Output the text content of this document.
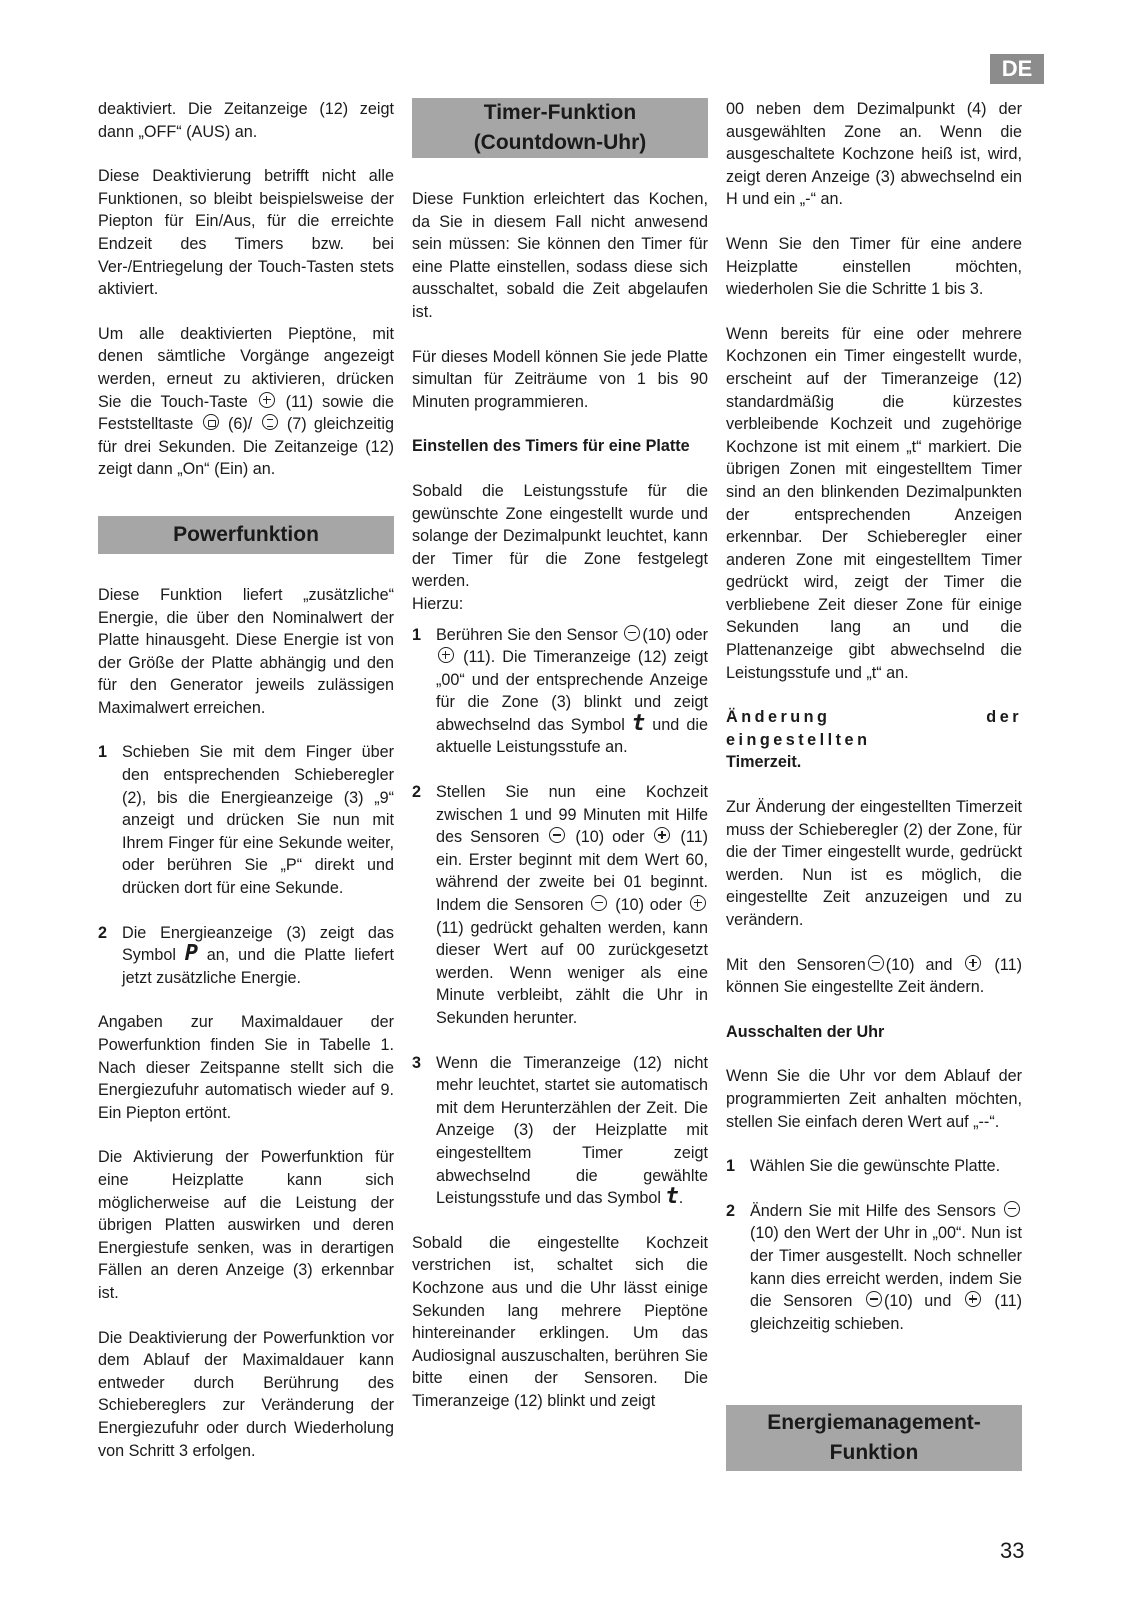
DE

deaktiviert. Die Zeitanzeige (12) zeigt dann „OFF“ (AUS) an.

Diese Deaktivierung betrifft nicht alle Funktionen, so bleibt beispielsweise der Piepton für Ein/Aus, für die erreichte Endzeit des Timers bzw. bei Ver-/Entriegelung der Touch-Tasten stets aktiviert.

Um alle deaktivierten Pieptöne, mit denen sämtliche Vorgänge angezeigt werden, erneut zu aktivieren, drücken Sie die Touch-Taste (11) sowie die Feststelltaste (6)/ (7) gleichzeitig für drei Sekunden. Die Zeitanzeige (12) zeigt dann „On“ (Ein) an.

Powerfunktion

Diese Funktion liefert „zusätzliche“ Energie, die über den Nominalwert der Platte hinausgeht. Diese Energie ist von der Größe der Platte abhängig und den für den Generator jeweils zulässigen Maximalwert erreichen.

1 Schieben Sie mit dem Finger über den entsprechenden Schieberegler (2), bis die Energieanzeige (3) „9“ anzeigt und drücken Sie nun mit Ihrem Finger für eine Sekunde weiter, oder berühren Sie „P“ direkt und drücken dort für eine Sekunde.
2 Die Energieanzeige (3) zeigt das Symbol P an, und die Platte liefert jetzt zusätzliche Energie.

Angaben zur Maximaldauer der Powerfunktion finden Sie in Tabelle 1. Nach dieser Zeitspanne stellt sich die Energiezufuhr automatisch wieder auf 9. Ein Piepton ertönt.

Die Aktivierung der Powerfunktion für eine Heizplatte kann sich möglicherweise auf die Leistung der übrigen Platten auswirken und deren Energiestufe senken, was in derartigen Fällen an deren Anzeige (3) erkennbar ist.

Die Deaktivierung der Powerfunktion vor dem Ablauf der Maximaldauer kann entweder durch Berührung des Schiebereglers zur Veränderung der Energiezufuhr oder durch Wiederholung von Schritt 3 erfolgen.

Timer-Funktion
(Countdown-Uhr)

Diese Funktion erleichtert das Kochen, da Sie in diesem Fall nicht anwesend sein müssen: Sie können den Timer für eine Platte einstellen, sodass diese sich ausschaltet, sobald die Zeit abgelaufen ist.

Für dieses Modell können Sie jede Platte simultan für Zeiträume von 1 bis 90 Minuten programmieren.

Einstellen des Timers für eine Platte

Sobald die Leistungsstufe für die gewünschte Zone eingestellt wurde und solange der Dezimalpunkt leuchtet, kann der Timer für die Zone festgelegt werden.
Hierzu:

1 Berühren Sie den Sensor (10) oder  (11). Die Timeranzeige (12) zeigt „00“ und der entsprechende Anzeige für die Zone (3) blinkt und zeigt abwechselnd das Symbol t und die aktuelle Leistungsstufe an.
2 Stellen Sie nun eine Kochzeit zwischen 1 und 99 Minuten mit Hilfe des Sensoren (10) oder (11) ein. Erster beginnt mit dem Wert 60, während der zweite bei 01 beginnt. Indem die Sensoren (10) oder  (11) gedrückt gehalten werden, kann dieser Wert auf 00 zurückgesetzt werden. Wenn weniger als eine Minute verbleibt, zählt die Uhr in Sekunden herunter.
3 Wenn die Timeranzeige (12) nicht mehr leuchtet, startet sie automatisch mit dem Herunterzählen der Zeit. Die Anzeige (3) der Heizplatte mit eingestelltem Timer zeigt abwechselnd die gewählte Leistungsstufe und das Symbol t.

Sobald die eingestellte Kochzeit verstrichen ist, schaltet sich die Kochzone aus und die Uhr lässt einige Sekunden lang mehrere Pieptöne hintereinander erklingen. Um das Audiosignal auszuschalten, berühren Sie bitte einen der Sensoren. Die Timeranzeige (12) blinkt und zeigt

00 neben dem Dezimalpunkt (4) der ausgewählten Zone an. Wenn die ausgeschaltete Kochzone heiß ist, wird, zeigt deren Anzeige (3) abwechselnd ein H und ein „-“ an.

Wenn Sie den Timer für eine andere Heizplatte einstellen möchten, wiederholen Sie die Schritte 1 bis 3.

Wenn bereits für eine oder mehrere Kochzonen ein Timer eingestellt wurde, erscheint auf der Timeranzeige (12) standardmäßig die kürzestes verbleibende Kochzeit und zugehörige Kochzone ist mit einem „t“ markiert. Die übrigen Zonen mit eingestelltem Timer sind an den blinkenden Dezimalpunkten der entsprechenden Anzeigen erkennbar. Der Schieberegler einer anderen Zone mit eingestelltem Timer gedrückt wird, zeigt der Timer die verbliebene Zeit dieser Zone für einige Sekunden lang an und die Plattenanzeige gibt abwechselnd die Leistungsstufe und „t“ an.

Änderung der eingestellten
Timerzeit.

Zur Änderung der eingestellten Timerzeit muss der Schieberegler (2) der Zone, für die der Timer eingestellt wurde, gedrückt werden. Nun ist es möglich, die eingestellte Zeit anzuzeigen und zu verändern.

Mit den Sensoren (10) and	(11) können Sie eingestellte Zeit ändern.

Ausschalten der Uhr

Wenn Sie die Uhr vor dem Ablauf der programmierten Zeit anhalten möchten, stellen Sie einfach deren Wert auf „--“.

1 Wählen Sie die gewünschte Platte.
2 Ändern Sie mit Hilfe des Sensors (10) den Wert der Uhr in „00“. Nun ist der Timer ausgestellt. Noch schneller kann dies erreicht werden, indem Sie die Sensoren (10) und	(11) gleichzeitig schieben.
Energiemanagement-
Funktion
33
